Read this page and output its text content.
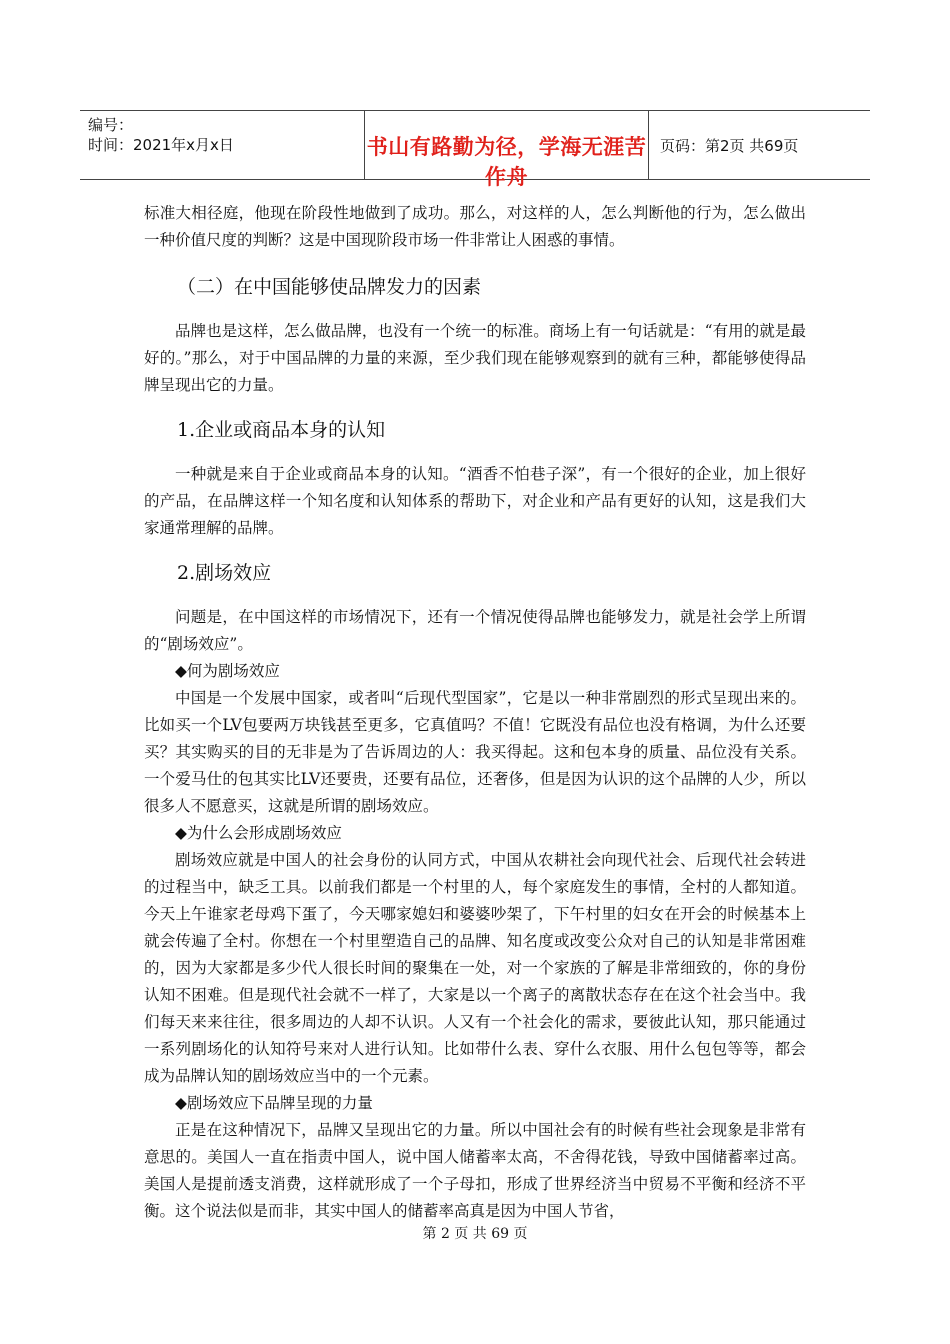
编号：
时间：2021年x月x日	书山有路勤为径，学海无涯苦作舟
页码：第2页 共69页

标准大相径庭，他现在阶段性地做到了成功。那么，对这样的人，怎么判断他的行为，怎么做出一种价值尺度的判断？这是中国现阶段市场一件非常让人困惑的事情。

（二）在中国能够使品牌发力的因素

品牌也是这样，怎么做品牌，也没有一个统一的标准。商场上有一句话就是：“有用的就是最好的。”那么，对于中国品牌的力量的来源，至少我们现在能够观察到的就有三种，都能够使得品牌呈现出它的力量。

1.企业或商品本身的认知

一种就是来自于企业或商品本身的认知。“酒香不怕巷子深”，有一个很好的企业，加上很好的产品，在品牌这样一个知名度和认知体系的帮助下，对企业和产品有更好的认知，这是我们大家通常理解的品牌。

2.剧场效应

问题是，在中国这样的市场情况下，还有一个情况使得品牌也能够发力，就是社会学上所谓的“剧场效应”。

◆何为剧场效应

中国是一个发展中国家，或者叫“后现代型国家”，它是以一种非常剧烈的形式呈现出来的。比如买一个LV包要两万块钱甚至更多，它真值吗？不值！它既没有品位也没有格调，为什么还要买？其实购买的目的无非是为了告诉周边的人：我买得起。这和包本身的质量、品位没有关系。一个爱马仕的包其实比LV还要贵，还要有品位，还奢侈，但是因为认识的这个品牌的人少，所以很多人不愿意买，这就是所谓的剧场效应。

◆为什么会形成剧场效应

剧场效应就是中国人的社会身份的认同方式，中国从农耕社会向现代社会、后现代社会转进的过程当中，缺乏工具。以前我们都是一个村里的人，每个家庭发生的事情，全村的人都知道。今天上午谁家老母鸡下蛋了，今天哪家媳妇和婆婆吵架了，下午村里的妇女在开会的时候基本上就会传遍了全村。你想在一个村里塑造自己的品牌、知名度或改变公众对自己的认知是非常困难的，因为大家都是多少代人很长时间的聚集在一处，对一个家族的了解是非常细致的，你的身份认知不困难。但是现代社会就不一样了，大家是以一个离子的离散状态存在在这个社会当中。我们每天来来往往，很多周边的人却不认识。人又有一个社会化的需求，要彼此认知，那只能通过一系列剧场化的认知符号来对人进行认知。比如带什么表、穿什么衣服、用什么包包等等，都会成为品牌认知的剧场效应当中的一个元素。

◆剧场效应下品牌呈现的力量

正是在这种情况下，品牌又呈现出它的力量。所以中国社会有的时候有些社会现象是非常有意思的。美国人一直在指责中国人，说中国人储蓄率太高，不舍得花钱，导致中国储蓄率过高。美国人是提前透支消费，这样就形成了一个子母扣，形成了世界经济当中贸易不平衡和经济不平衡。这个说法似是而非，其实中国人的储蓄率高真是因为中国人节省，

第 2 页 共 69 页
